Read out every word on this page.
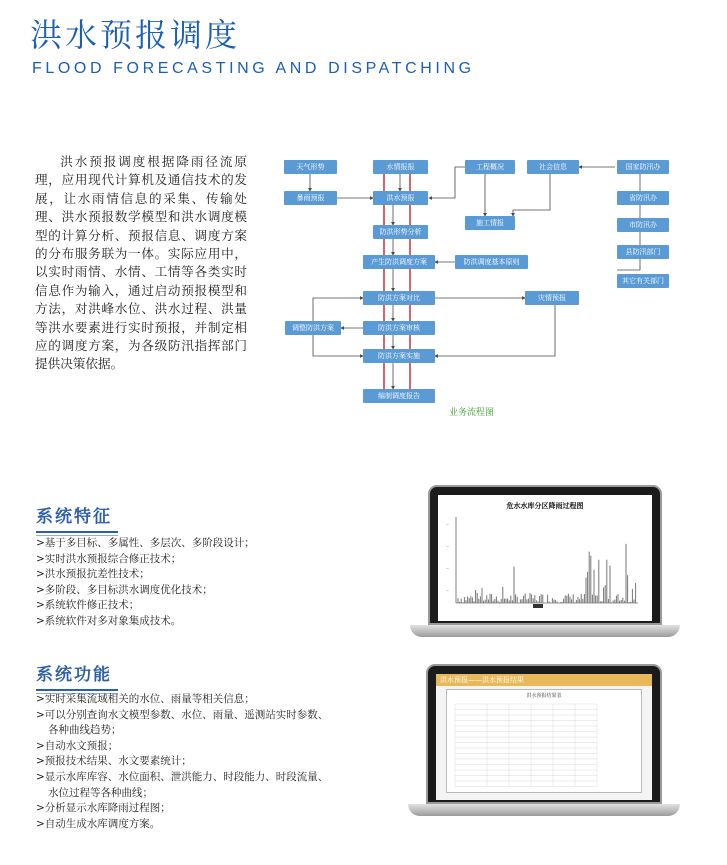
洪水预报调度
FLOOD FORECASTING AND DISPATCHING

洪水预报调度根据降雨径流原理，应用现代计算机及通信技术的发展，让水雨情信息的采集、传输处理、洪水预报数学模型和洪水调度模型的计算分析、预报信息、调度方案的分布服务联为一体。实际应用中，以实时雨情、水情、工情等各类实时信息作为输入，通过启动预报模型和方法，对洪峰水位、洪水过程、洪量等洪水要素进行实时预报，并制定相应的调度方案，为各级防汛指挥部门提供决策依据。

天气形势
暴雨预报
水情报报
洪水预报
工程概况
施工情报
社会信息	国家防汛办
省防汛办
市防汛办
县防汛部门
其它有关部门
防洪形势分析
产生防洪调度方案	防洪调度基本原则
防洪方案对比	灾情预报
调整防洪方案	防洪方案审核
防洪方案实施
编制调度报告
业务流程图
系统特征
>基于多目标、多属性、多层次、多阶段设计；
>实时洪水预报综合修正技术；
>洪水预报抗差性技术；
>多阶段、多目标洪水调度优化技术；
>系统软件修正技术；
>系统软件对多对象集成技术。
危水水库分区降雨过程图
—
—
—
—
系统功能
>实时采集流域相关的水位、雨量等相关信息；
>可以分别查询水文模型参数、水位、雨量、遥测站实时参数、
各种曲线趋势；
>自动水文预报；
>预报技术结果、水文要素统计；
>显示水库库容、水位面积、泄洪能力、时段能力、时段流量、
水位过程等各种曲线；
>分析显示水库降雨过程图；
>自动生成水库调度方案。
洪水预报——洪水预报结果
洪水预报结果表
